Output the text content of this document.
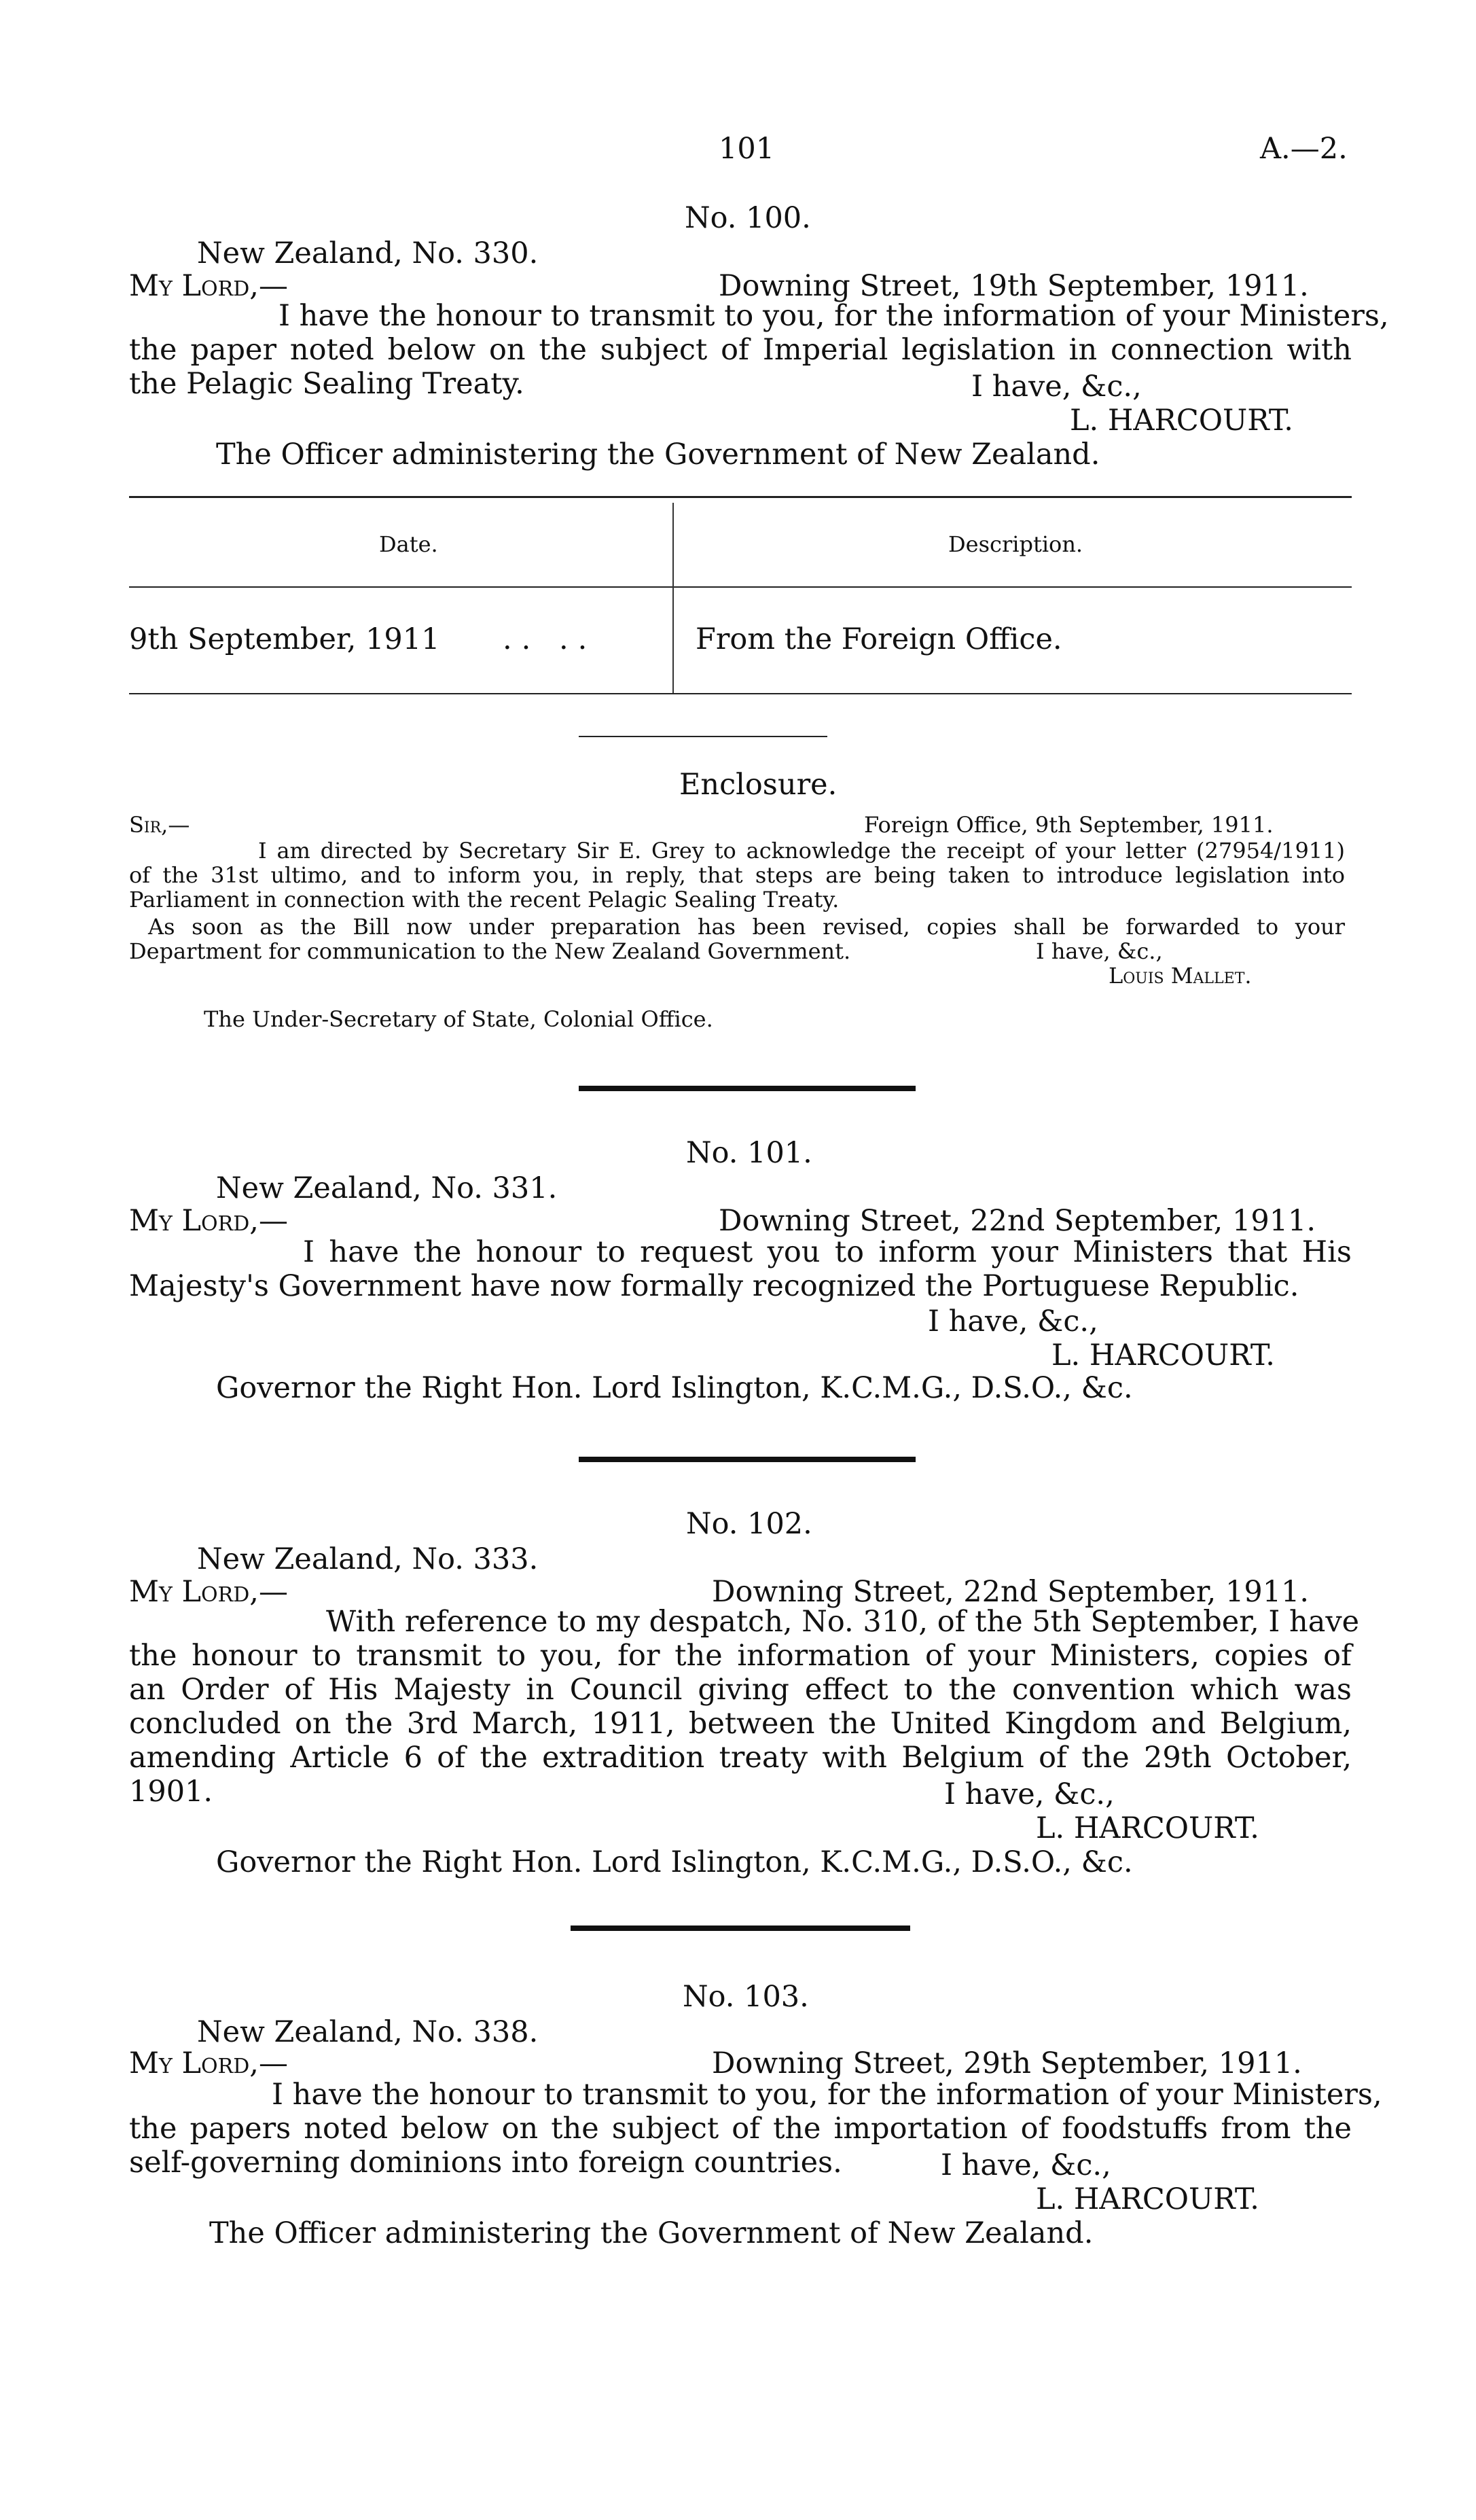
101	A.—2.
No. 100.
New Zealand, No. 330.
My Lord,—	Downing Street, 19th September, 1911.
I have the honour to transmit to you, for the information of your Ministers,
the paper noted below on the subject of Imperial legislation in connection with
the Pelagic Sealing Treaty.	I have, &c.,
L. HARCOURT.
The Officer administering the Government of New Zealand.
Date.	Description.
9th September, 1911 .. ..	From the Foreign Office.
Enclosure.
Sir,—	Foreign Office, 9th September, 1911.
I am directed by Secretary Sir E. Grey to acknowledge the receipt of your letter (27954/1911)
of the 31st ultimo, and to inform you, in reply, that steps are being taken to introduce legislation into
Parliament in connection with the recent Pelagic Sealing Treaty.
As soon as the Bill now under preparation has been revised, copies shall be forwarded to your
Department for communication to the New Zealand Government.	I have, &c.,
Louis Mallet.
The Under-Secretary of State, Colonial Office.
No. 101.
New Zealand, No. 331.
My Lord,—	Downing Street, 22nd September, 1911.
I have the honour to request you to inform your Ministers that His
Majesty's Government have now formally recognized the Portuguese Republic.
I have, &c.,
L. HARCOURT.
Governor the Right Hon. Lord Islington, K.C.M.G., D.S.O., &c.
No. 102.
New Zealand, No. 333.
My Lord,—	Downing Street, 22nd September, 1911.
With reference to my despatch, No. 310, of the 5th September, I have
the honour to transmit to you, for the information of your Ministers, copies of
an Order of His Majesty in Council giving effect to the convention which was
concluded on the 3rd March, 1911, between the United Kingdom and Belgium,
amending Article 6 of the extradition treaty with Belgium of the 29th October,
1901.	I have, &c.,
L. HARCOURT.
Governor the Right Hon. Lord Islington, K.C.M.G., D.S.O., &c.
No. 103.
New Zealand, No. 338.
My Lord,—	Downing Street, 29th September, 1911.
I have the honour to transmit to you, for the information of your Ministers,
the papers noted below on the subject of the importation of foodstuffs from the
self-governing dominions into foreign countries.	I have, &c.,
L. HARCOURT.
The Officer administering the Government of New Zealand.
